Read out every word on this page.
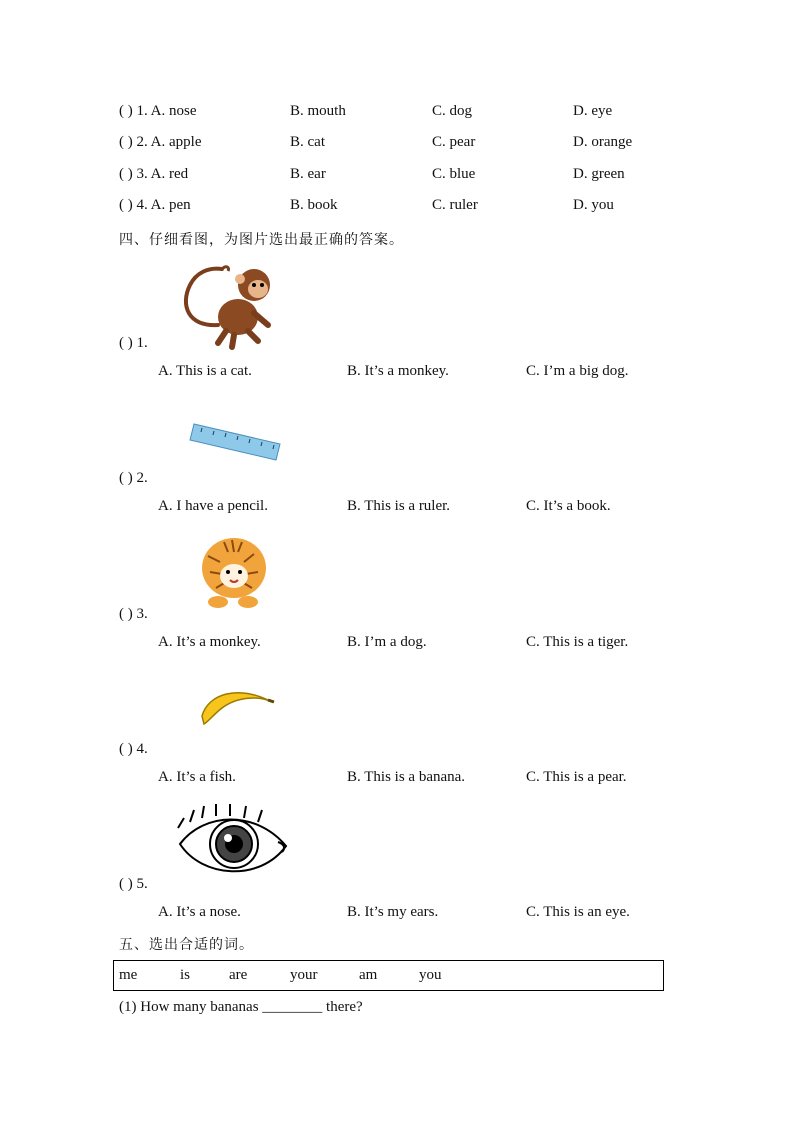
( ) 1. A. nose	B. mouth	C. dog	D. eye
( ) 2. A. apple	B. cat	C. pear	D. orange
( ) 3. A. red	B. ear	C. blue	D. green
( ) 4. A. pen	B. book	C. ruler	D. you
四、仔细看图，为图片选出最正确的答案。
( ) 1.
A. This is a cat.	B. It’s a monkey.	C. I’m a big dog.
( ) 2.
A. I have a pencil.	B. This is a ruler.	C. It’s a book.
( ) 3.
A. It’s a monkey.	B. I’m a dog.	C. This is a tiger.
( ) 4.
A. It’s a fish.	B. This is a banana.	C. This is a pear.
( ) 5.
A. It’s a nose.	B. It’s my ears.	C. This is an eye.
五、选出合适的词。
me	is	are	your	am	you
(1) How many bananas ________ there?
